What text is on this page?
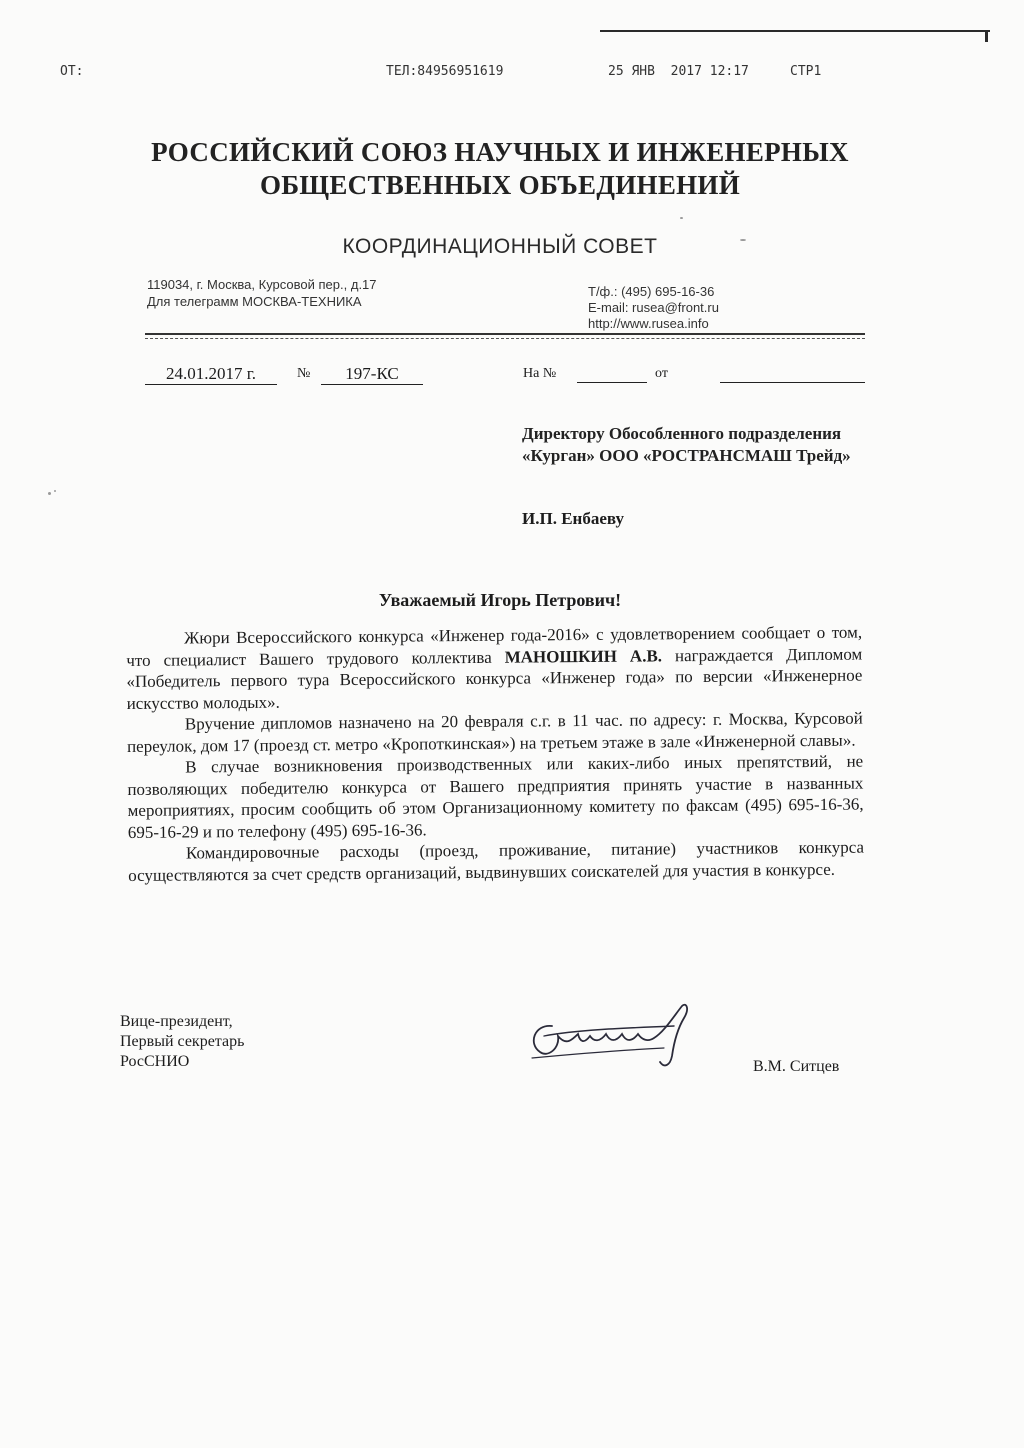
ОТ:	ТЕЛ:84956951619	25 ЯНВ  2017 12:17	СТР1
РОССИЙСКИЙ СОЮЗ НАУЧНЫХ И ИНЖЕНЕРНЫХ
ОБЩЕСТВЕННЫХ ОБЪЕДИНЕНИЙ
КООРДИНАЦИОННЫЙ СОВЕТ
119034, г. Москва, Курсовой пер., д.17
Для телеграмм МОСКВА-ТЕХНИКА
Т/ф.: (495) 695-16-36
E-mail: rusea@front.ru
http://www.rusea.info
24.01.2017 г.	№	197-КС	На №	от
Директору Обособленного подразделения «Курган» ООО «РОСТРАНСМАШ Трейд»
И.П. Енбаеву
Уважаемый Игорь Петрович!

Жюри Всероссийского конкурса «Инженер года-2016» с удовлетворением сообщает о том, что специалист Вашего трудового коллектива МАНОШКИН А.В. награждается Дипломом «Победитель первого тура Всероссийского конкурса «Инженер года» по версии «Инженерное искусство молодых».

Вручение дипломов назначено на 20 февраля с.г. в 11 час. по адресу: г. Москва, Курсовой переулок, дом 17 (проезд ст. метро «Кропоткинская») на третьем этаже в зале «Инженерной славы».

В случае возникновения производственных или каких-либо иных препятствий, не позволяющих победителю конкурса от Вашего предприятия принять участие в названных мероприятиях, просим сообщить об этом Организационному комитету по факсам (495) 695-16-36, 695-16-29 и по телефону (495) 695-16-36.

Командировочные расходы (проезд, проживание, питание) участников конкурса осуществляются за счет средств организаций, выдвинувших соискателей для участия в конкурсе.

Вице-президент,
Первый секретарь
РосСНИО	В.М. Ситцев
